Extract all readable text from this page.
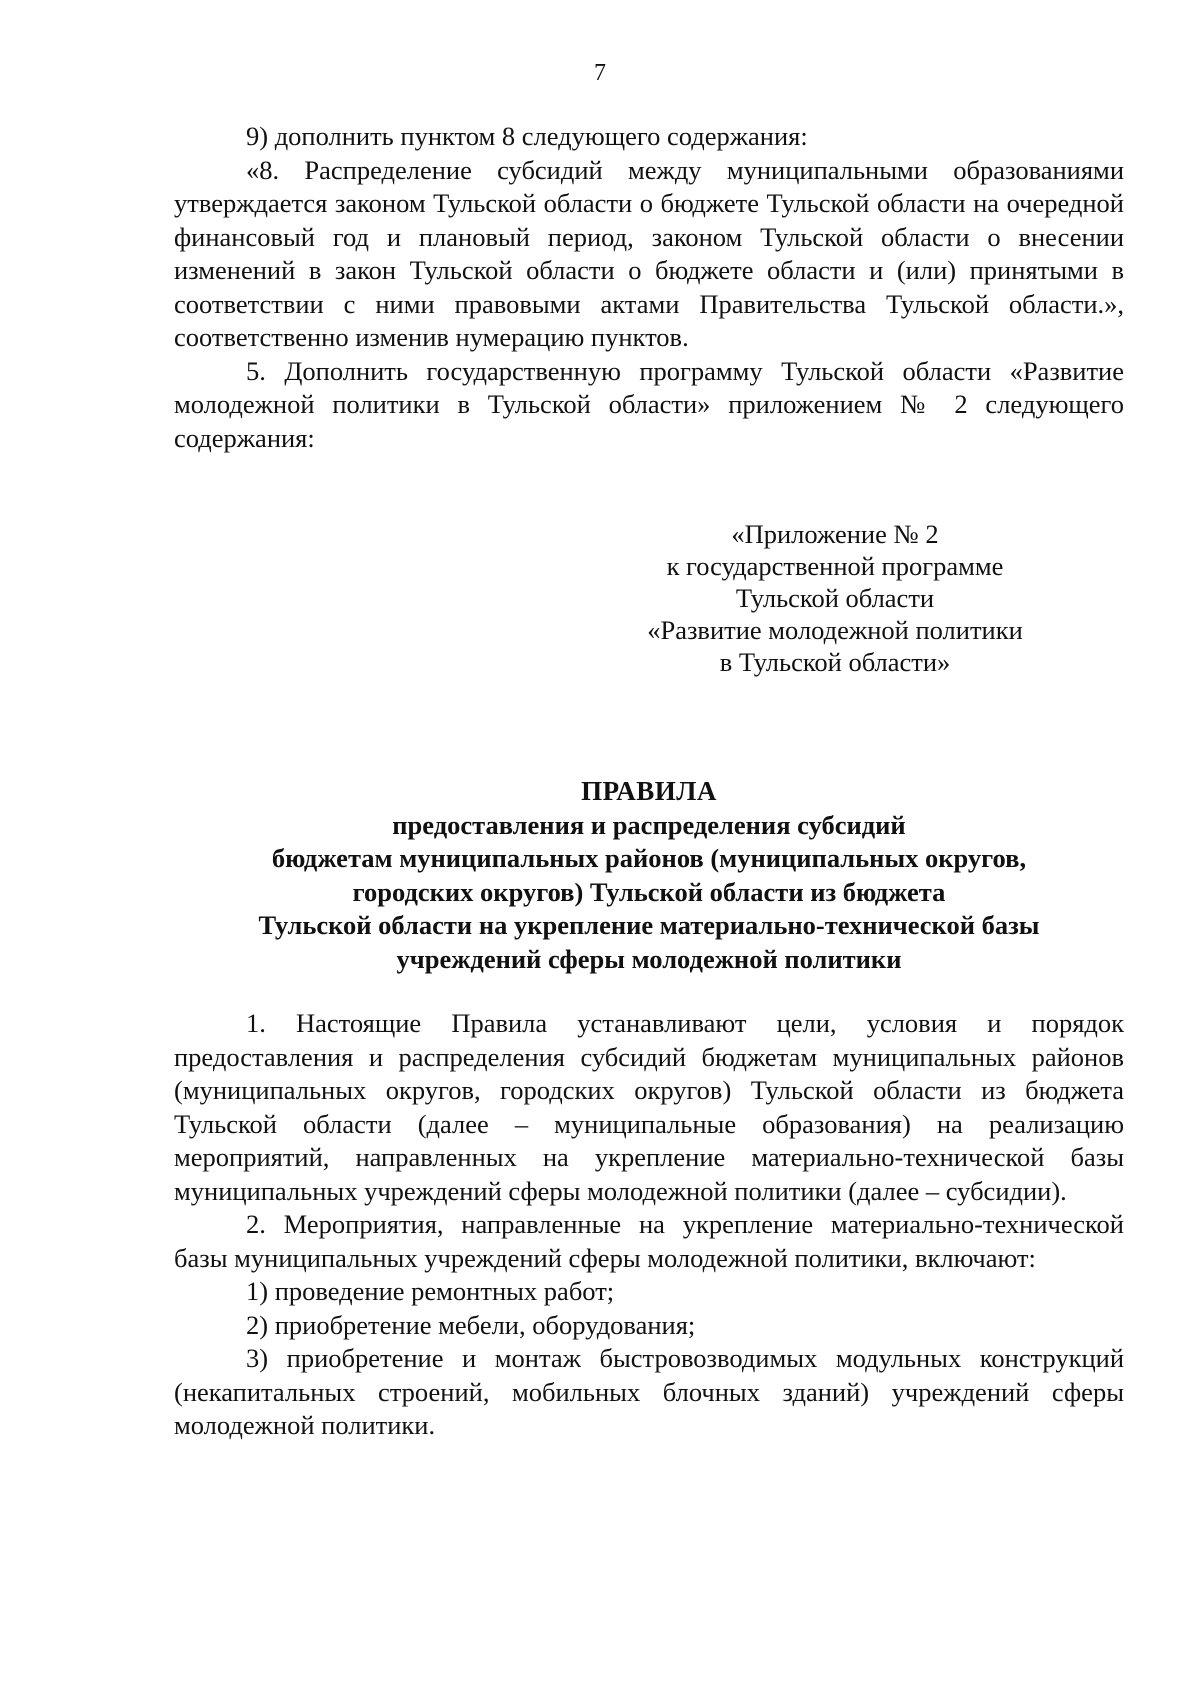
7

9) дополнить пунктом 8 следующего содержания:

«8. Распределение субсидий между муниципальными образованиями утверждается законом Тульской области о бюджете Тульской области на очередной финансовый год и плановый период, законом Тульской области о внесении изменений в закон Тульской области о бюджете области и (или) принятыми в соответствии с ними правовыми актами Правительства Тульской области.», соответственно изменив нумерацию пунктов.

5. Дополнить государственную программу Тульской области «Развитие молодежной политики в Тульской области» приложением № 2 следующего содержания:

«Приложение № 2
к государственной программе
Тульской области
«Развитие молодежной политики
в Тульской области»
ПРАВИЛА
предоставления и распределения субсидий
бюджетам муниципальных районов (муниципальных округов,
городских округов) Тульской области из бюджета
Тульской области на укрепление материально-технической базы
учреждений сферы молодежной политики

1. Настоящие Правила устанавливают цели, условия и порядок предоставления и распределения субсидий бюджетам муниципальных районов (муниципальных округов, городских округов) Тульской области из бюджета Тульской области (далее – муниципальные образования) на реализацию мероприятий, направленных на укрепление материально-технической базы муниципальных учреждений сферы молодежной политики (далее – субсидии).

2. Мероприятия, направленные на укрепление материально-технической базы муниципальных учреждений сферы молодежной политики, включают:

1) проведение ремонтных работ;

2) приобретение мебели, оборудования;

3) приобретение и монтаж быстровозводимых модульных конструкций (некапитальных строений, мобильных блочных зданий) учреждений сферы молодежной политики.
